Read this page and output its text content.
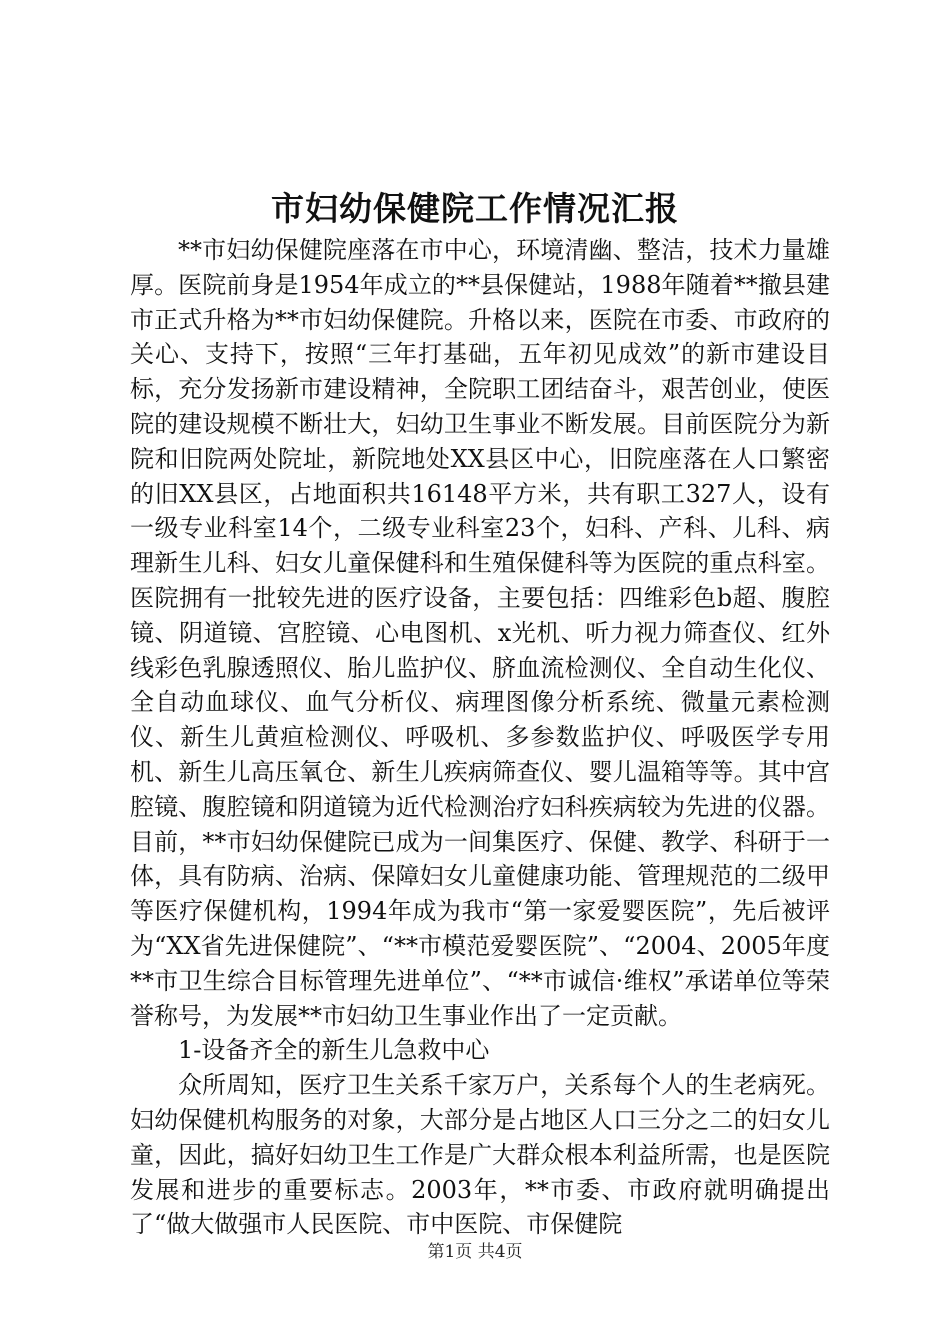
市妇幼保健院工作情况汇报

**市妇幼保健院座落在市中心，环境清幽、整洁，技术力量雄厚。医院前身是1954年成立的**县保健站，1988年随着**撤县建市正式升格为**市妇幼保健院。升格以来，医院在市委、市政府的关心、支持下，按照“三年打基础，五年初见成效”的新市建设目标，充分发扬新市建设精神，全院职工团结奋斗，艰苦创业，使医院的建设规模不断壮大，妇幼卫生事业不断发展。目前医院分为新院和旧院两处院址，新院地处XX县区中心，旧院座落在人口繁密的旧XX县区，占地面积共16148平方米，共有职工327人，设有一级专业科室14个，二级专业科室23个，妇科、产科、儿科、病理新生儿科、妇女儿童保健科和生殖保健科等为医院的重点科室。医院拥有一批较先进的医疗设备，主要包括：四维彩色b超、腹腔镜、阴道镜、宫腔镜、心电图机、x光机、听力视力筛查仪、红外线彩色乳腺透照仪、胎儿监护仪、脐血流检测仪、全自动生化仪、全自动血球仪、血气分析仪、病理图像分析系统、微量元素检测仪、新生儿黄疸检测仪、呼吸机、多参数监护仪、呼吸医学专用机、新生儿高压氧仓、新生儿疾病筛查仪、婴儿温箱等等。其中宫腔镜、腹腔镜和阴道镜为近代检测治疗妇科疾病较为先进的仪器。目前，**市妇幼保健院已成为一间集医疗、保健、教学、科研于一体，具有防病、治病、保障妇女儿童健康功能、管理规范的二级甲等医疗保健机构，1994年成为我市“第一家爱婴医院”，先后被评为“XX省先进保健院”、“**市模范爱婴医院”、“2004、2005年度**市卫生综合目标管理先进单位”、“**市诚信·维权”承诺单位等荣誉称号，为发展**市妇幼卫生事业作出了一定贡献。

1-设备齐全的新生儿急救中心

众所周知，医疗卫生关系千家万户，关系每个人的生老病死。妇幼保健机构服务的对象，大部分是占地区人口三分之二的妇女儿童，因此，搞好妇幼卫生工作是广大群众根本利益所需，也是医院发展和进步的重要标志。2003年，**市委、市政府就明确提出了“做大做强市人民医院、市中医院、市保健院

第1页 共4页
